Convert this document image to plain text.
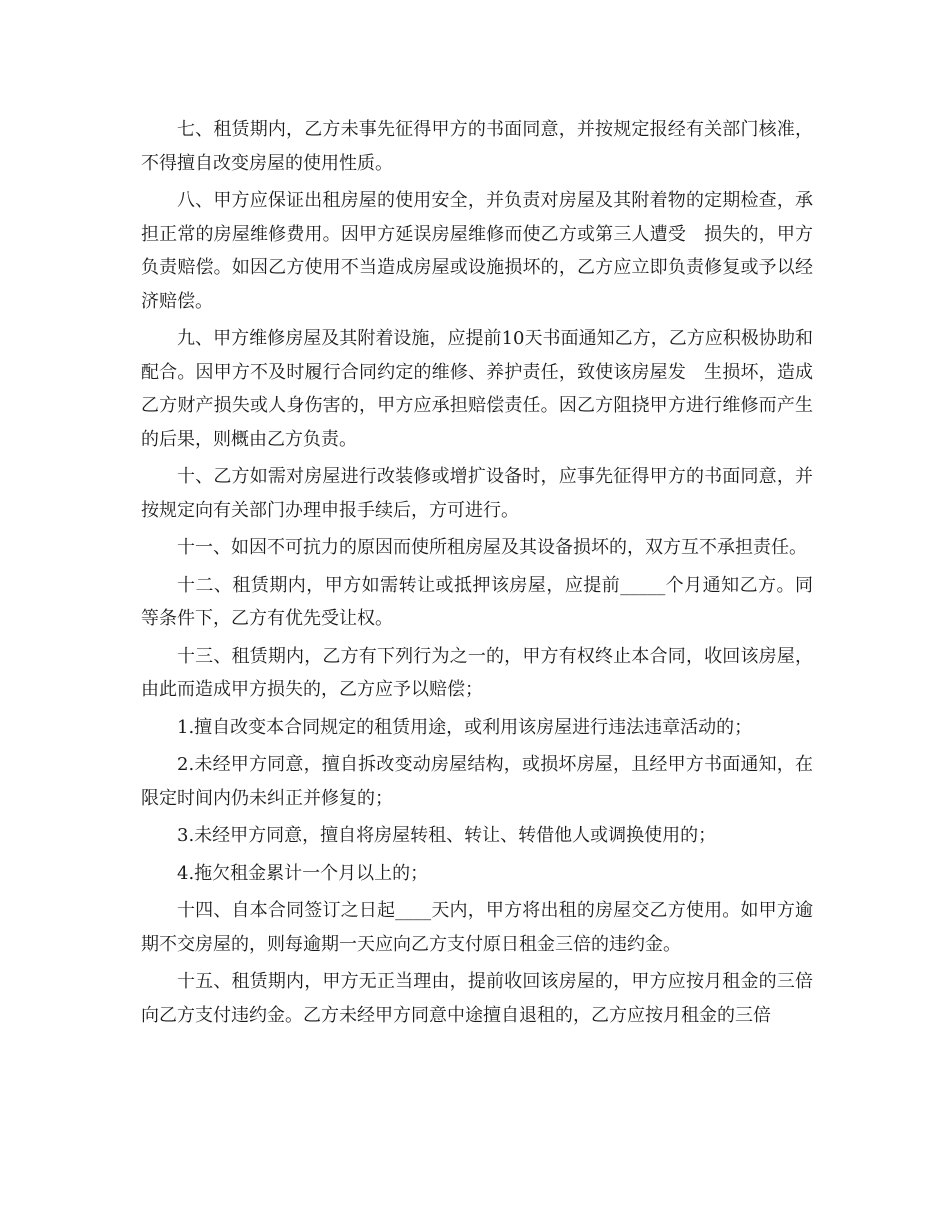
七、租赁期内，乙方未事先征得甲方的书面同意，并按规定报经有关部门核准，不得擅自改变房屋的使用性质。

八、甲方应保证出租房屋的使用安全，并负责对房屋及其附着物的定期检查，承担正常的房屋维修费用。因甲方延误房屋维修而使乙方或第三人遭受　损失的，甲方负责赔偿。如因乙方使用不当造成房屋或设施损坏的，乙方应立即负责修复或予以经济赔偿。

九、甲方维修房屋及其附着设施，应提前10天书面通知乙方，乙方应积极协助和配合。因甲方不及时履行合同约定的维修、养护责任，致使该房屋发　生损坏，造成乙方财产损失或人身伤害的，甲方应承担赔偿责任。因乙方阻挠甲方进行维修而产生的后果，则概由乙方负责。

十、乙方如需对房屋进行改装修或增扩设备时，应事先征得甲方的书面同意，并按规定向有关部门办理申报手续后，方可进行。

十一、如因不可抗力的原因而使所租房屋及其设备损坏的，双方互不承担责任。

十二、租赁期内，甲方如需转让或抵押该房屋，应提前_____个月通知乙方。同等条件下，乙方有优先受让权。

十三、租赁期内，乙方有下列行为之一的，甲方有权终止本合同，收回该房屋，由此而造成甲方损失的，乙方应予以赔偿；

1.擅自改变本合同规定的租赁用途，或利用该房屋进行违法违章活动的；

2.未经甲方同意，擅自拆改变动房屋结构，或损坏房屋，且经甲方书面通知，在限定时间内仍未纠正并修复的；

3.未经甲方同意，擅自将房屋转租、转让、转借他人或调换使用的；

4.拖欠租金累计一个月以上的；

十四、自本合同签订之日起____天内，甲方将出租的房屋交乙方使用。如甲方逾期不交房屋的，则每逾期一天应向乙方支付原日租金三倍的违约金。

十五、租赁期内，甲方无正当理由，提前收回该房屋的，甲方应按月租金的三倍向乙方支付违约金。乙方未经甲方同意中途擅自退租的，乙方应按月租金的三倍
